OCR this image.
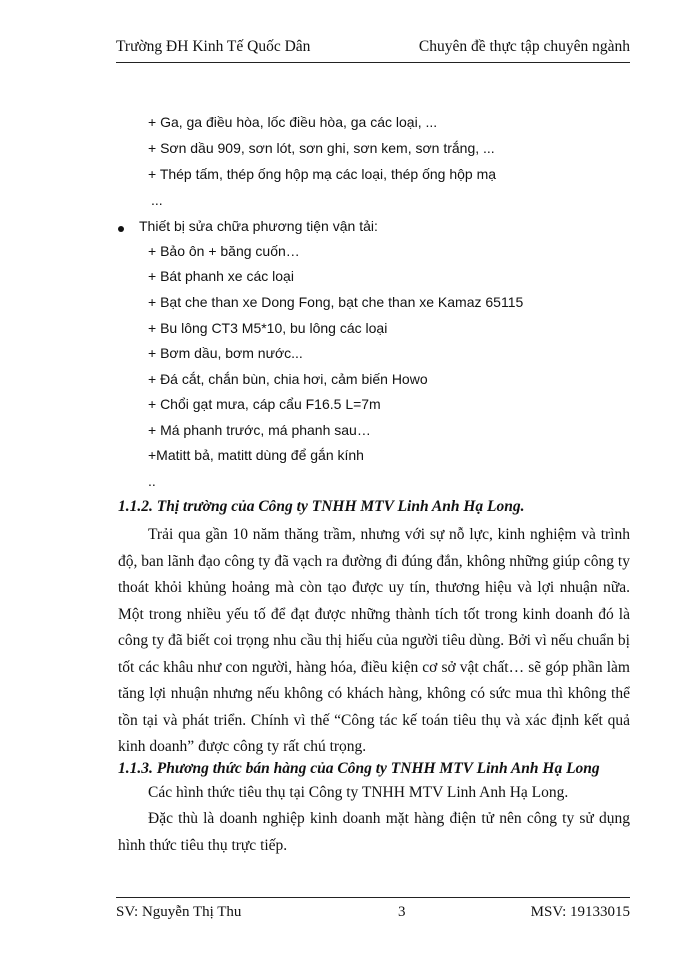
Trường ĐH Kinh Tế Quốc Dân	Chuyên đề thực tập chuyên ngành
+ Ga, ga điều hòa, lốc điều hòa, ga các loại, ...
+ Sơn dầu 909, sơn lót, sơn ghi, sơn kem, sơn trắng, ...
+ Thép tấm, thép ống hộp mạ các loại, thép ống hộp mạ
...
Thiết bị sửa chữa phương tiện vận tải:
+ Bảo ôn + băng cuốn…
+ Bát phanh xe các loại
+ Bạt che than xe Dong Fong, bạt che than xe Kamaz 65115
+ Bu lông CT3 M5*10, bu lông các loại
+ Bơm dầu, bơm nước...
+ Đá cắt, chắn bùn, chia hơi, cảm biến Howo
+ Chổi gạt mưa, cáp cẩu F16.5 L=7m
+ Má phanh trước, má phanh sau…
+Matitt bả, matitt dùng để gắn kính
..
1.1.2. Thị trường của Công ty TNHH MTV Linh Anh Hạ Long.

Trải qua gần 10 năm thăng trầm, nhưng với sự nỗ lực, kinh nghiệm và trình độ, ban lãnh đạo công ty đã vạch ra đường đi đúng đắn, không những giúp công ty thoát khỏi khủng hoảng mà còn tạo được uy tín, thương hiệu và lợi nhuận nữa. Một trong nhiều yếu tố để đạt được những thành tích tốt trong kinh doanh đó là công ty đã biết coi trọng nhu cầu thị hiếu của người tiêu dùng. Bởi vì nếu chuẩn bị tốt các khâu như con người, hàng hóa, điều kiện cơ sở vật chất… sẽ góp phần làm tăng lợi nhuận nhưng nếu không có khách hàng, không có sức mua thì không thể tồn tại và phát triển. Chính vì thế “Công tác kế toán tiêu thụ và xác định kết quả kinh doanh” được công ty rất chú trọng.

1.1.3. Phương thức bán hàng của Công ty TNHH MTV Linh Anh Hạ Long
Các hình thức tiêu thụ tại Công ty TNHH MTV Linh Anh Hạ Long.

Đặc thù là doanh nghiệp kinh doanh mặt hàng điện tử nên công ty sử dụng hình thức tiêu thụ trực tiếp.

SV: Nguyễn Thị Thu	3	MSV: 19133015
